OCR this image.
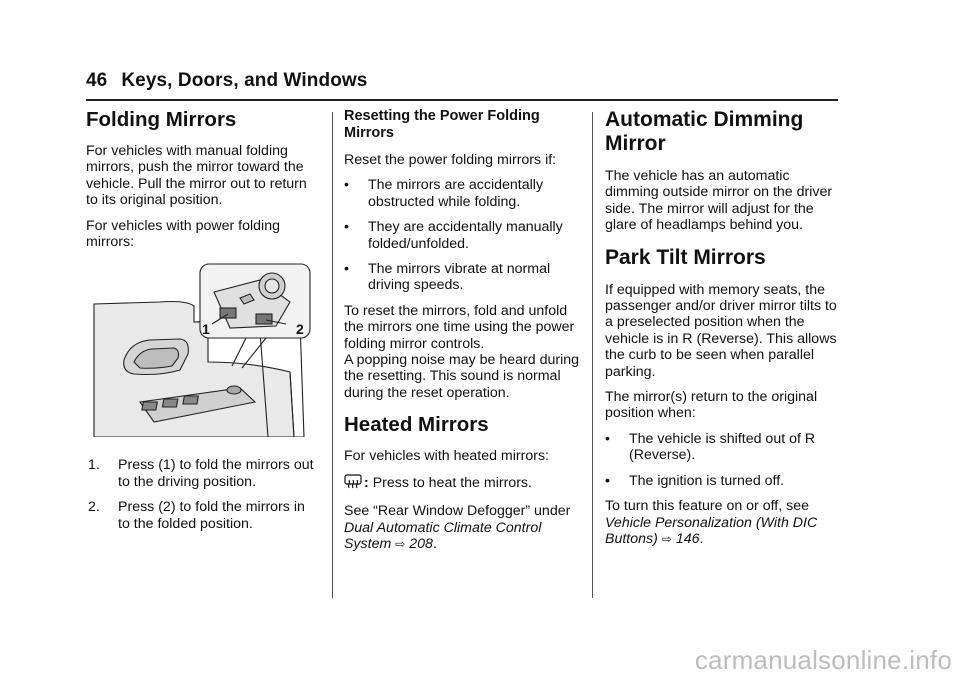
46 Keys, Doors, and Windows
Folding Mirrors

For vehicles with manual folding mirrors, push the mirror toward the vehicle. Pull the mirror out to return to its original position.

For vehicles with power folding mirrors:

1	2
1.	Press (1) to fold the mirrors out to the driving position.
2.	Press (2) to fold the mirrors in to the folded position.
Resetting the Power Folding Mirrors

Reset the power folding mirrors if:

•	The mirrors are accidentally obstructed while folding.
•	They are accidentally manually folded/unfolded.
•	The mirrors vibrate at normal driving speeds.

To reset the mirrors, fold and unfold the mirrors one time using the power folding mirror controls.

A popping noise may be heard during the resetting. This sound is normal during the reset operation.

Heated Mirrors

For vehicles with heated mirrors:

: Press to heat the mirrors.

See “Rear Window Defogger” under Dual Automatic Climate Control System ⇨ 208.

Automatic Dimming
Mirror

The vehicle has an automatic dimming outside mirror on the driver side. The mirror will adjust for the glare of headlamps behind you.

Park Tilt Mirrors

If equipped with memory seats, the passenger and/or driver mirror tilts to a preselected position when the vehicle is in R (Reverse). This allows the curb to be seen when parallel parking.

The mirror(s) return to the original position when:

•	The vehicle is shifted out of R (Reverse).
•	The ignition is turned off.

To turn this feature on or off, see Vehicle Personalization (With DIC Buttons) ⇨ 146.

carmanualsonline.info
